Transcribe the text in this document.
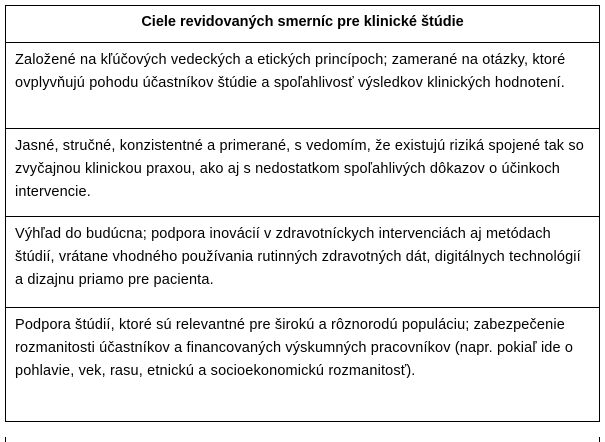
Ciele revidovaných smerníc pre klinické štúdie

Založené na kľúčových vedeckých a etických princípoch; zamerané na otázky, ktoré ovplyvňujú pohodu účastníkov štúdie a spoľahlivosť výsledkov klinických hodnotení.

Jasné, stručné, konzistentné a primerané, s vedomím, že existujú riziká spojené tak so zvyčajnou klinickou praxou, ako aj s nedostatkom spoľahlivých dôkazov o účinkoch intervencie.

Výhľad do budúcna; podpora inovácií v zdravotníckych intervenciách aj metódach štúdií, vrátane vhodného používania rutinných zdravotných dát, digitálnych technológií a dizajnu priamo pre pacienta.

Podpora štúdií, ktoré sú relevantné pre širokú a rôznorodú populáciu; zabezpečenie rozmanitosti účastníkov a financovaných výskumných pracovníkov (napr. pokiaľ ide o pohlavie, vek, rasu, etnickú a socioekonomickú rozmanitosť).
